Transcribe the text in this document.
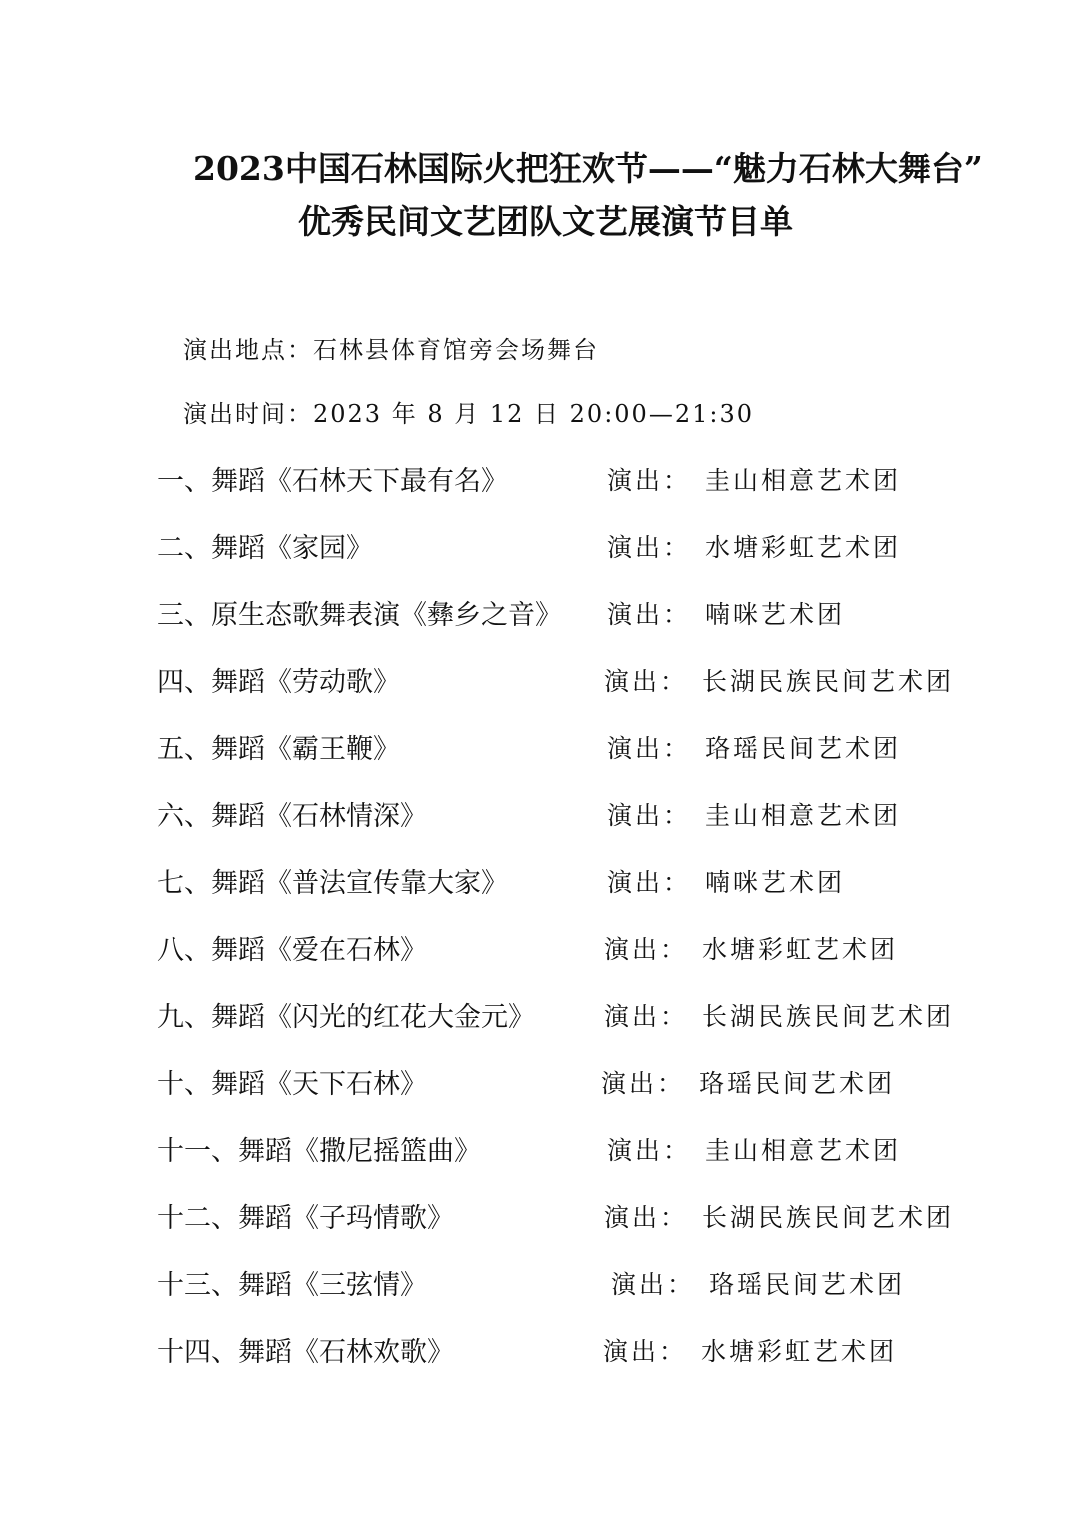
2023中国石林国际火把狂欢节——“魅力石林大舞台”
优秀民间文艺团队文艺展演节目单
演出地点：石林县体育馆旁会场舞台
演出时间：2023 年 8 月 12 日 20:00—21:30
一、舞蹈《石林天下最有名》	演出： 圭山相意艺术团
二、舞蹈《家园》	演出： 水塘彩虹艺术团
三、原生态歌舞表演《彝乡之音》 演出： 喃咪艺术团
四、舞蹈《劳动歌》	演出： 长湖民族民间艺术团
五、舞蹈《霸王鞭》	演出： 珞瑶民间艺术团
六、舞蹈《石林情深》	演出： 圭山相意艺术团
七、舞蹈《普法宣传靠大家》	演出： 喃咪艺术团
八、舞蹈《爱在石林》	演出： 水塘彩虹艺术团
九、舞蹈《闪光的红花大金元》	演出： 长湖民族民间艺术团
十、舞蹈《天下石林》	演出： 珞瑶民间艺术团
十一、舞蹈《撒尼摇篮曲》	演出： 圭山相意艺术团
十二、舞蹈《子玛情歌》	演出： 长湖民族民间艺术团
十三、舞蹈《三弦情》	演出： 珞瑶民间艺术团
十四、舞蹈《石林欢歌》	演出： 水塘彩虹艺术团
